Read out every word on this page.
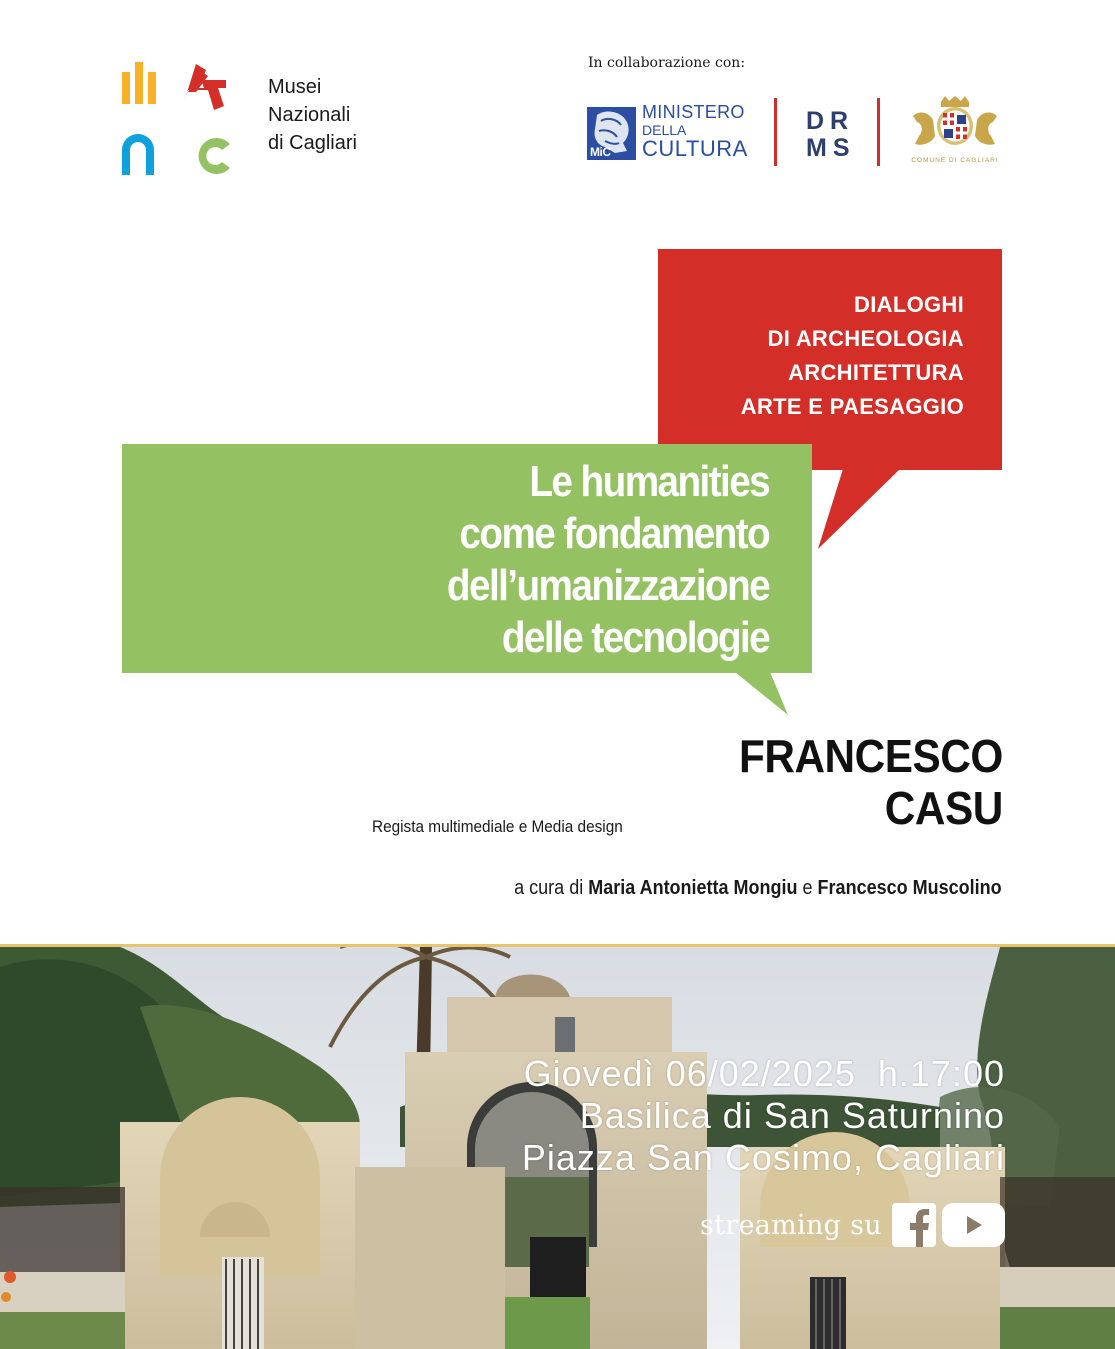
Musei
Nazionali
di Cagliari
In collaborazione con:
MiC
MINISTERO
DELLA
CULTURA
DR
MS	COMUNE DI CAGLIARI
DIALOGHI
DI ARCHEOLOGIA
ARCHITETTURA
ARTE E PAESAGGIO
Le humanities
come fondamento
dell’umanizzazione
delle tecnologie
FRANCESCO
CASU
Regista multimediale e Media design
a cura di Maria Antonietta Mongiu e Francesco Muscolino
Giovedì 06/02/2025  h.17:00
Basilica di San Saturnino
Piazza San Cosimo, Cagliari
streaming su
